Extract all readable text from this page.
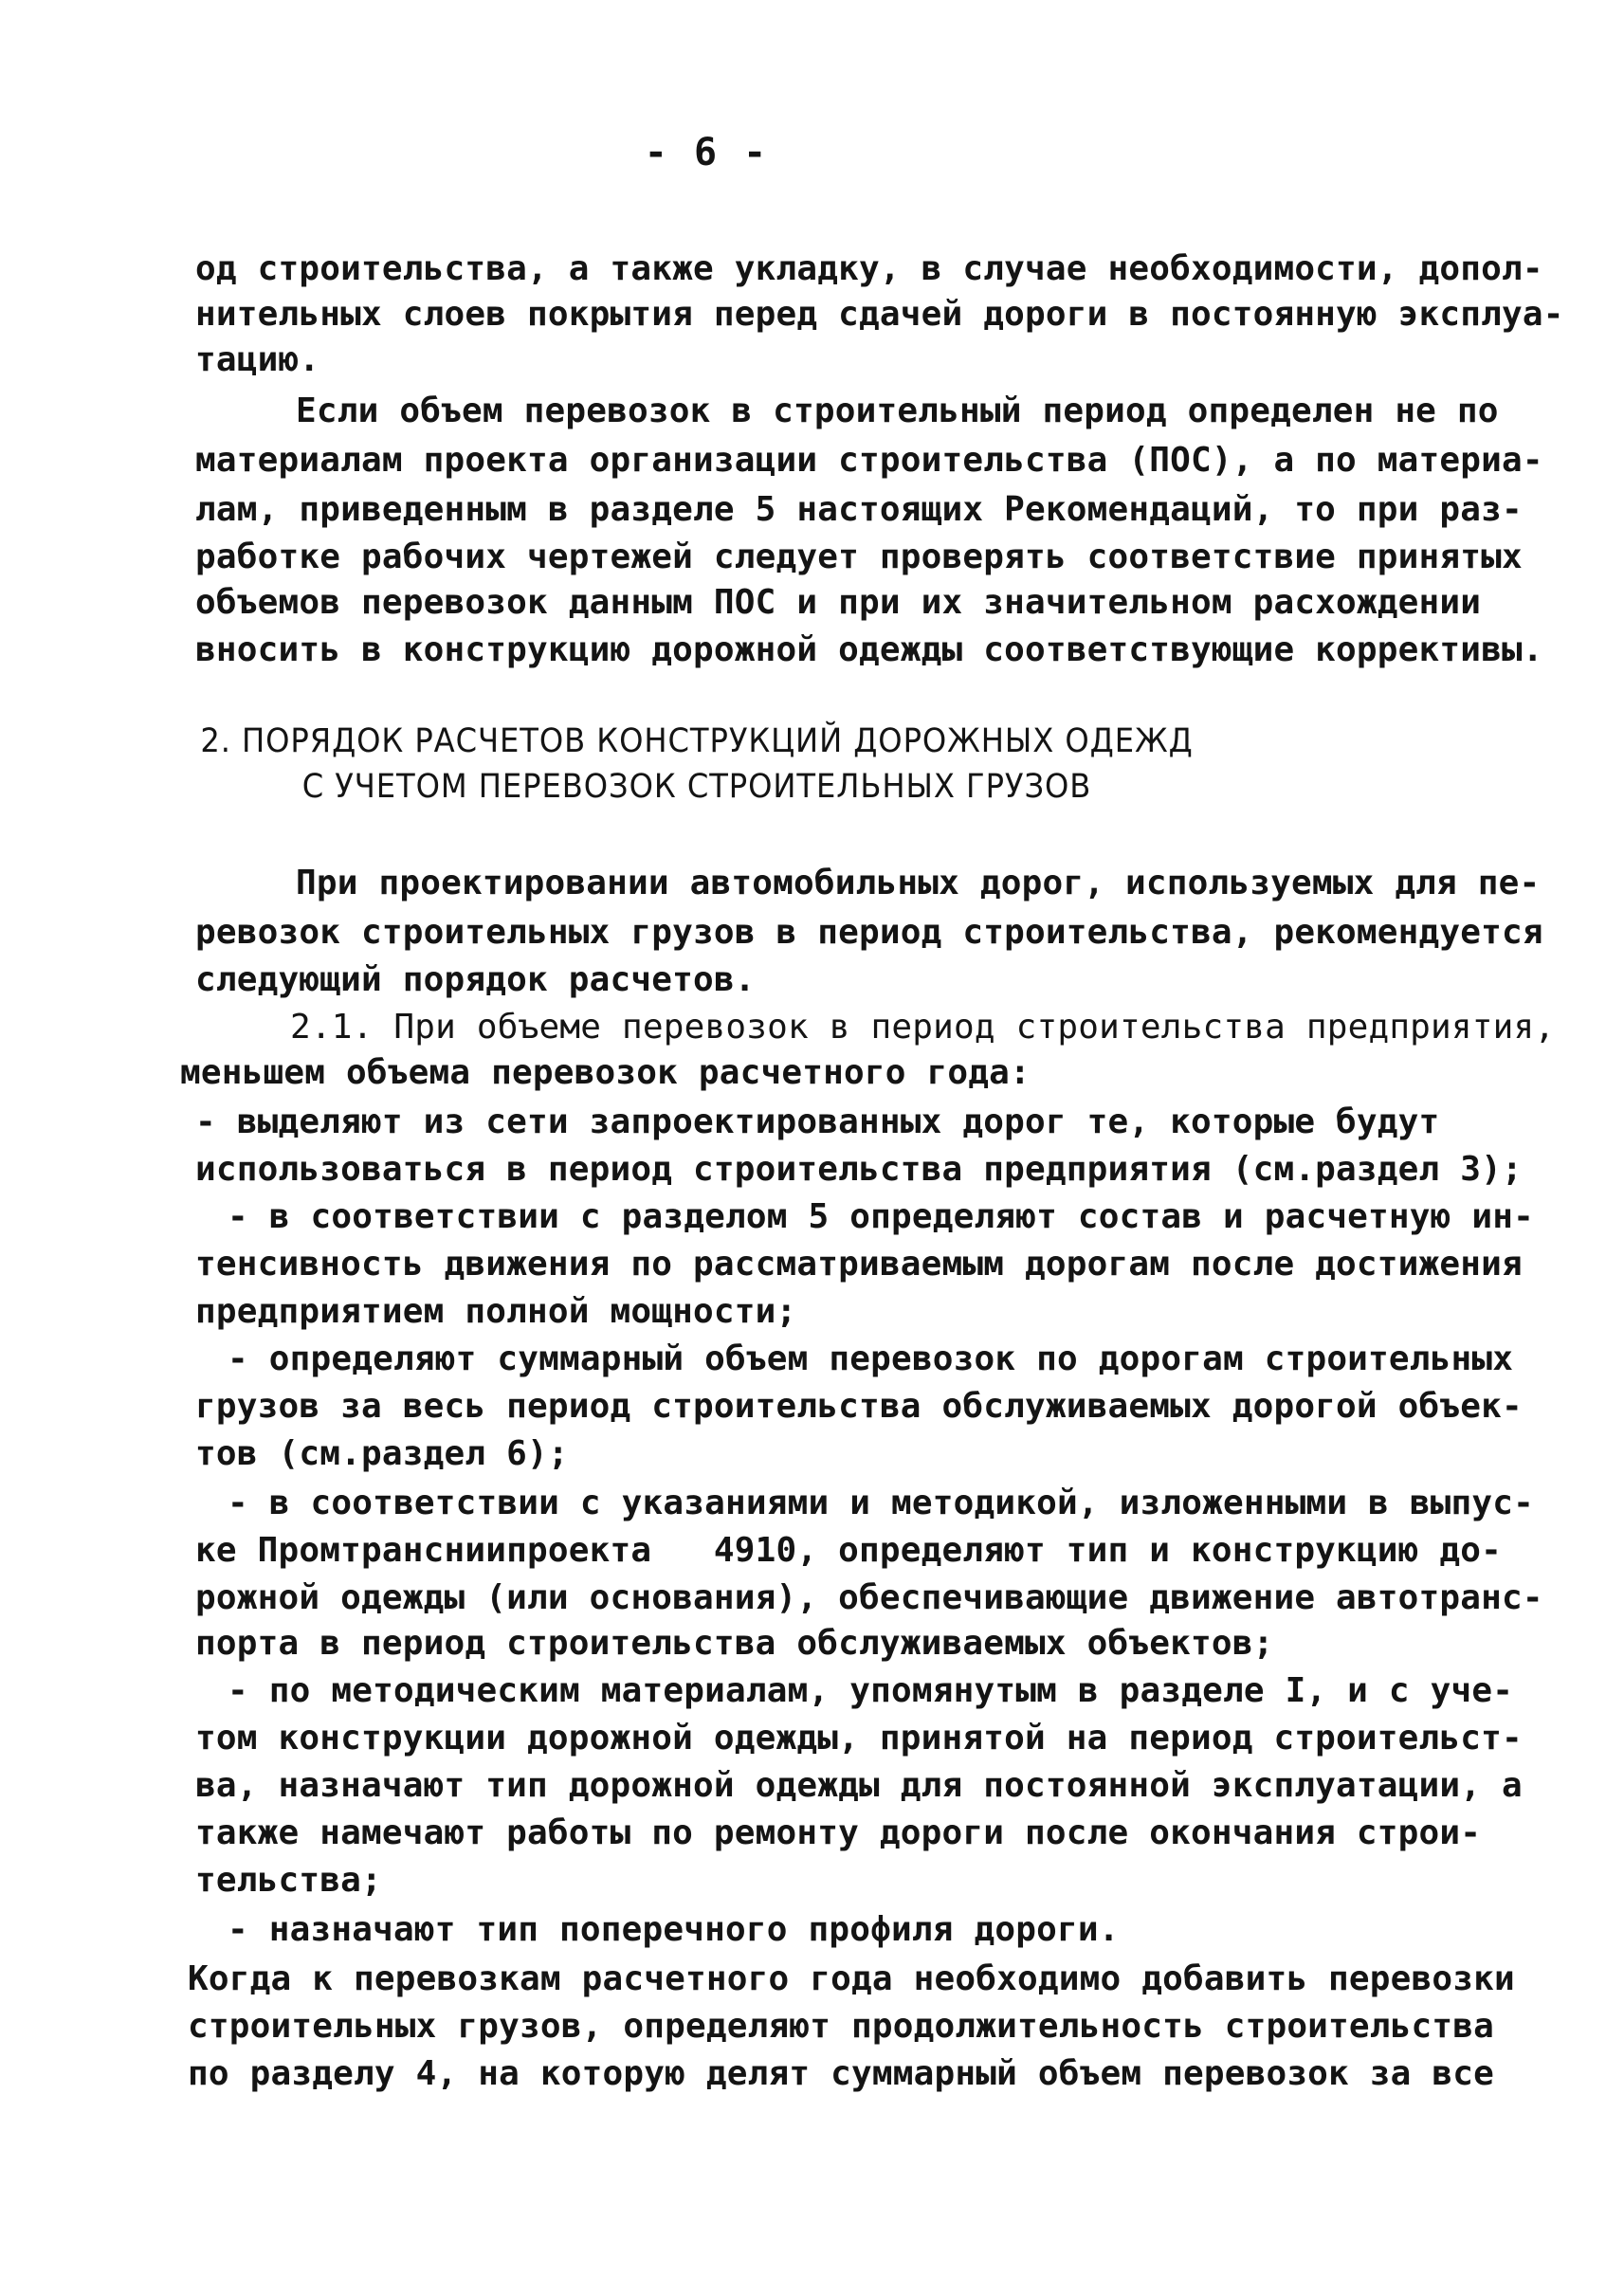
- 6 -
од строительства, а также укладку, в случае необходимости, допол-
нительных слоев покрытия перед сдачей дороги в постоянную эксплуа-
тацию.
Если объем перевозок в строительный период определен не по
материалам проекта организации строительства (ПОС), а по материа-
лам, приведенным в разделе 5 настоящих Рекомендаций, то при раз-
работке рабочих чертежей следует проверять соответствие принятых
объемов перевозок данным ПОС и при их значительном расхождении
вносить в конструкцию дорожной одежды соответствующие коррективы.
2. ПОРЯДОК РАСЧЕТОВ КОНСТРУКЦИЙ ДОРОЖНЫХ ОДЕЖД
С УЧЕТОМ ПЕРЕВОЗОК СТРОИТЕЛЬНЫХ ГРУЗОВ
При проектировании автомобильных дорог, используемых для пе-
ревозок строительных грузов в период строительства, рекомендуется
следующий порядок расчетов.
2.1. При объеме перевозок в период строительства предприятия,
меньшем объема перевозок расчетного года:
- выделяют из сети запроектированных дорог те, которые будут
использоваться в период строительства предприятия (см.раздел 3);
- в соответствии с разделом 5 определяют состав и расчетную ин-
тенсивность движения по рассматриваемым дорогам после достижения
предприятием полной мощности;
- определяют суммарный объем перевозок по дорогам строительных
грузов за весь период строительства обслуживаемых дорогой объек-
тов (см.раздел 6);
- в соответствии с указаниями и методикой, изложенными в выпус-
ке Промтрансниипроекта   4910, определяют тип и конструкцию до-
рожной одежды (или основания), обеспечивающие движение автотранс-
порта в период строительства обслуживаемых объектов;
- по методическим материалам, упомянутым в разделе I, и с уче-
том конструкции дорожной одежды, принятой на период строительст-
ва, назначают тип дорожной одежды для постоянной эксплуатации, а
также намечают работы по ремонту дороги после окончания строи-
тельства;
- назначают тип поперечного профиля дороги.
Когда к перевозкам расчетного года необходимо добавить перевозки
строительных грузов, определяют продолжительность строительства
по разделу 4, на которую делят суммарный объем перевозок за все
